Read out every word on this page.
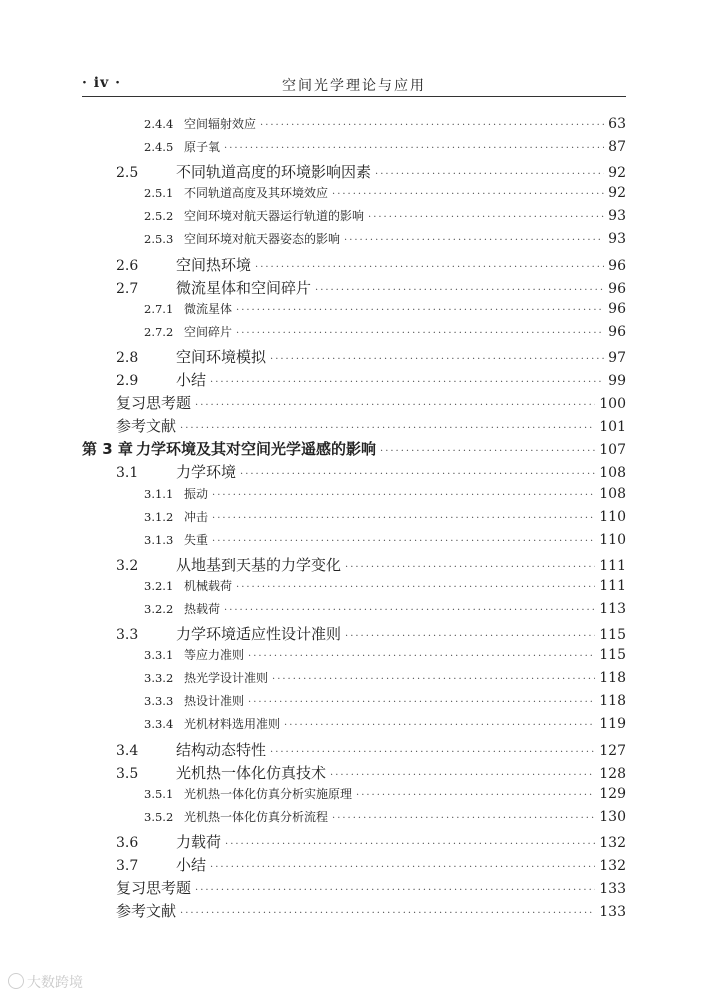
· iv ·	空间光学理论与应用
2.4.4 空间辐射效应 ·····	63
2.4.5 原子氧 ·····	87
2.5	不同轨道高度的环境影响因素 ·····	92
2.5.1 不同轨道高度及其环境效应 ·····	92
2.5.2 空间环境对航天器运行轨道的影响 ·····	93
2.5.3 空间环境对航天器姿态的影响 ·····	93
2.6	空间热环境 ·····	96
2.7	微流星体和空间碎片 ·····	96
2.7.1 微流星体 ·····	96
2.7.2 空间碎片 ·····	96
2.8	空间环境模拟 ·····	97
2.9	小结 ·····	99
复习思考题 ·····	100
参考文献 ·····	101
第 3 章 力学环境及其对空间光学遥感的影响 ·····	107
3.1	力学环境 ·····	108
3.1.1 振动 ·····	108
3.1.2 冲击 ·····	110
3.1.3 失重 ·····	110
3.2	从地基到天基的力学变化 ·····	111
3.2.1 机械载荷 ·····	111
3.2.2 热载荷 ·····	113
3.3	力学环境适应性设计准则 ·····	115
3.3.1 等应力准则 ·····	115
3.3.2 热光学设计准则 ·····	118
3.3.3 热设计准则 ·····	118
3.3.4 光机材料选用准则 ·····	119
3.4	结构动态特性 ·····	127
3.5	光机热一体化仿真技术 ·····	128
3.5.1 光机热一体化仿真分析实施原理 ·····	129
3.5.2 光机热一体化仿真分析流程 ·····	130
3.6	力载荷 ·····	132
3.7	小结 ·····	132
复习思考题 ·····	133
参考文献 ·····	133
大数跨境
